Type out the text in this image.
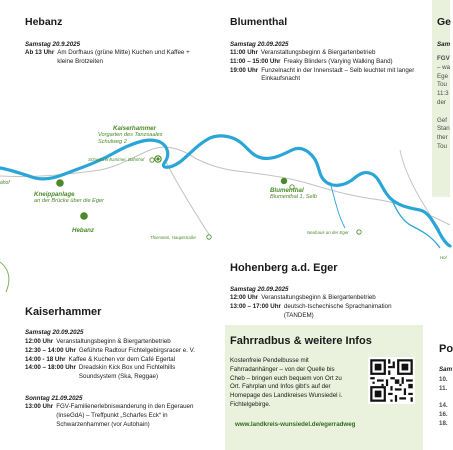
Hebanz
Samstag 20.9.2025
Ab 13 Uhr Am Dorfhaus (grüne Mitte) Kuchen und Kaffee + kleine Brotzeiten
Blumenthal
Samstag 20.09.2025
11:00 Uhr Veranstaltungsbeginn & Biergartenbetrieb
11:00 – 15:00 Uhr Freaky Blinders (Varying Walking Band)
19:00 Uhr Funzelnacht in der Innenstadt – Selb leuchtet mit langer Einkaufsnacht
Ge
Sam
FGV
– wa
Ege
Tou
11:3
der

Gef
Stan
ther
Tou
Kaiserhammer
Vorgarten des Tanzsaales
Schulweg 2
Schwarzenhammer, Bahnhof
ahof
Kneippanlage
an der Brücke über die Eger
Hebanz
Thierstein, Hauptstraße
Blumenthal
Blumenthal 1, Selb
Neuhaus an der Eger
Hol
Hohenberg a.d. Eger
Samstag 20.09.2025
12:00 Uhr Veranstaltungsbeginn & Biergartenbetrieb
13:00 – 17:00 Uhr deutsch-tschechische Sprachanimation (TANDEM)
Kaiserhammer
Samstag 20.09.2025
12:00 Uhr Veranstaltungsbeginn & Biergartenbetrieb
12:30 – 14:00 Uhr Geführte Radtour Fichtelgebirgsracer e. V.
14:00 - 18 Uhr Kaffee & Kuchen vor dem Café Egertal
14:00 – 18:00 Uhr Dreadskin Kick Box und Fichtelhills Soundsystem (Ska, Reggae)
Sonntag 21.09.2025
13:00 Uhr FGV-Familienerlebniswanderung in den Egerauen (InseGdA) – Treffpunkt „Scharfes Eck“ in Schwarzenhammer (vor Autohain)
Fahrradbus & weitere Infos
Kostenfreie Pendelbusse mit Fahrradanhänger – von der Quelle bis Cheb – bringen euch bequem von Ort zu Ort. Fahrplan und Infos gibt's auf der Homepage des Landkreises Wunsiedel i. Fichtelgebirge.
www.landkreis-wunsiedel.de/egerradweg
Po
Sam
10.
11.

14.
16.
18.
